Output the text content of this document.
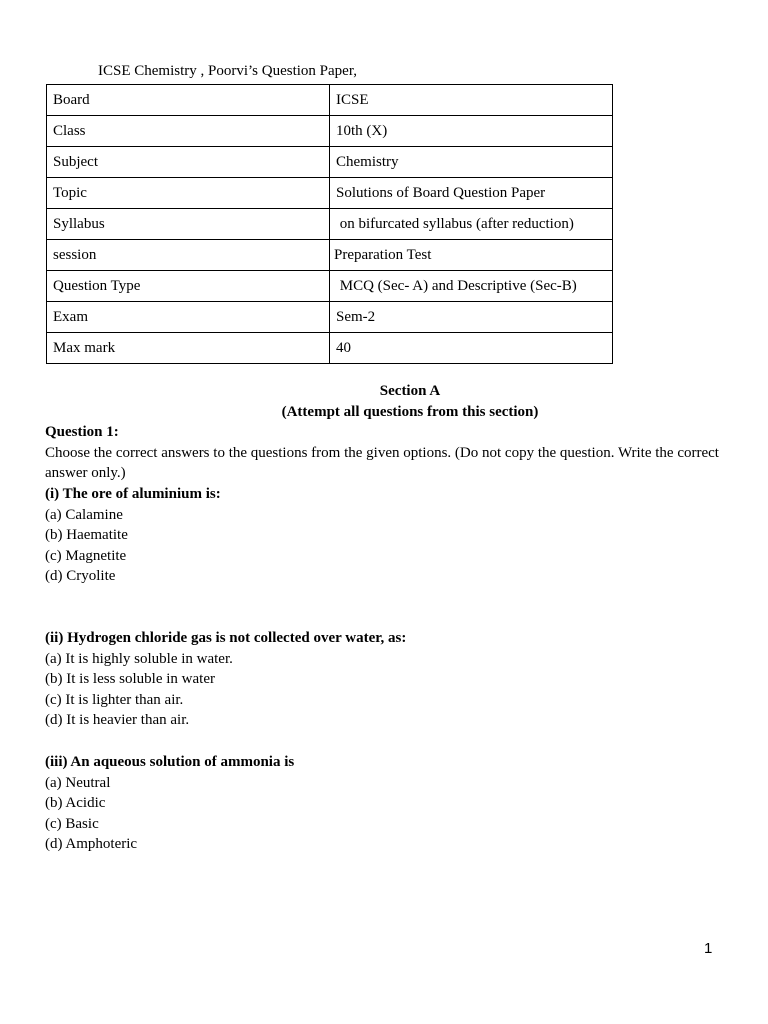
ICSE Chemistry , Poorvi’s Question Paper,
Board	ICSE
Class	10th (X)
Subject	Chemistry
Topic	Solutions of Board Question Paper
Syllabus	on bifurcated syllabus (after reduction)
session	Preparation Test
Question Type	MCQ (Sec- A) and Descriptive (Sec-B)
Exam	Sem-2
Max mark	40
Section A
(Attempt all questions from this section)
Question 1:
Choose the correct answers to the questions from the given options. (Do not copy the question. Write the correct answer only.)
(i) The ore of aluminium is:
(a) Calamine
(b) Haematite
(c) Magnetite
(d) Cryolite
(ii) Hydrogen chloride gas is not collected over water, as:
(a) It is highly soluble in water.
(b) It is less soluble in water
(c) It is lighter than air.
(d) It is heavier than air.
(iii) An aqueous solution of ammonia is
(a) Neutral
(b) Acidic
(c) Basic
(d) Amphoteric
1
